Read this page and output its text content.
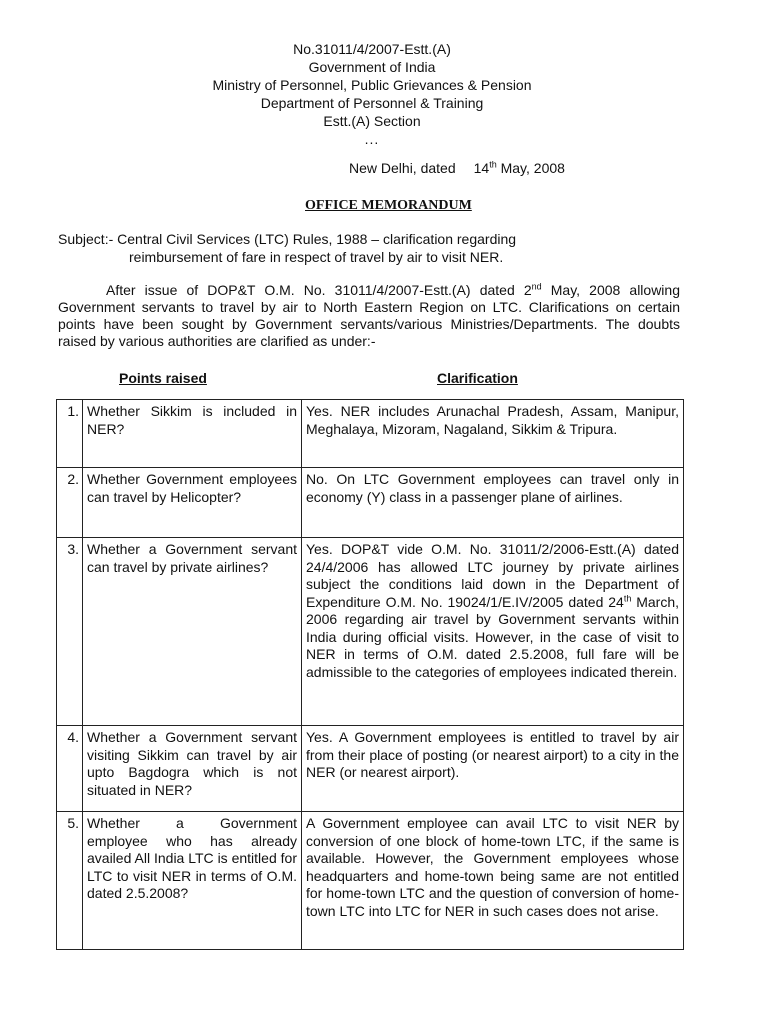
No.31011/4/2007-Estt.(A)
Government of India
Ministry of Personnel, Public Grievances & Pension
Department of Personnel & Training
Estt.(A) Section
...
New Delhi, dated 14th May, 2008
OFFICE MEMORANDUM
Subject:- Central Civil Services (LTC) Rules, 1988 – clarification regarding
reimbursement of fare in respect of travel by air to visit NER.
After issue of DOP&T O.M. No. 31011/4/2007-Estt.(A) dated 2nd May, 2008 allowing Government servants to travel by air to North Eastern Region on LTC. Clarifications on certain points have been sought by Government servants/various Ministries/Departments. The doubts raised by various authorities are clarified as under:-
Points raised	Clarification
1.	Whether Sikkim is included in NER?	Yes. NER includes Arunachal Pradesh, Assam, Manipur, Meghalaya, Mizoram, Nagaland, Sikkim & Tripura.
2.	Whether Government employees can travel by Helicopter?	No. On LTC Government employees can travel only in economy (Y) class in a passenger plane of airlines.
3.	Whether a Government servant can travel by private airlines?	Yes. DOP&T vide O.M. No. 31011/2/2006-Estt.(A) dated 24/4/2006 has allowed LTC journey by private airlines subject the conditions laid down in the Department of Expenditure O.M. No. 19024/1/E.IV/2005 dated 24th March, 2006 regarding air travel by Government servants within India during official visits. However, in the case of visit to NER in terms of O.M. dated 2.5.2008, full fare will be admissible to the categories of employees indicated therein.
4.	Whether a Government servant visiting Sikkim can travel by air upto Bagdogra which is not situated in NER?	Yes. A Government employees is entitled to travel by air from their place of posting (or nearest airport) to a city in the NER (or nearest airport).
5.	Whether a Government employee who has already availed All India LTC is entitled for LTC to visit NER in terms of O.M. dated 2.5.2008?	A Government employee can avail LTC to visit NER by conversion of one block of home-town LTC, if the same is available. However, the Government employees whose headquarters and home-town being same are not entitled for home-town LTC and the question of conversion of home-town LTC into LTC for NER in such cases does not arise.
